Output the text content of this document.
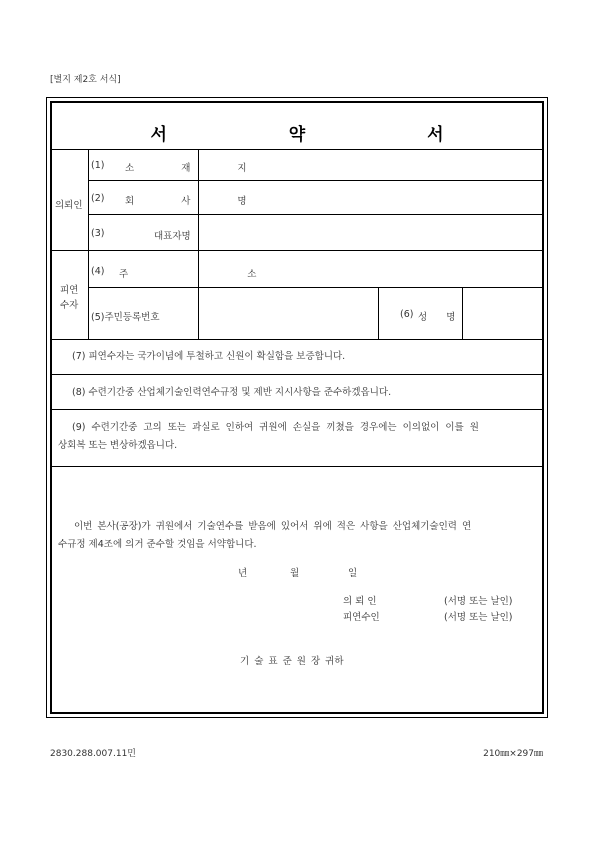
[별지 제2호 서식]
서 약 서
의뢰인
(1) 소 재 지
(2) 회 사 명
(3)	대표자명
피연
수자
(4) 주 소
(5)주민등록번호	(6) 성 명
(7) 피연수자는 국가이념에 투철하고 신원이 확실함을 보증합니다.
(8) 수련기간중 산업체기술인력연수규정 및 제반 지시사항을 준수하겠읍니다.
(9) 수련기간중 고의 또는 과실로 인하여 귀원에 손실을 끼쳤을 경우에는 이의없이 이를 원
상회복 또는 변상하겠읍니다.
이번 본사(공장)가 귀원에서 기술연수를 받음에 있어서 위에 적은 사항을 산업체기술인력 연
수규정 제4조에 의거 준수할 것임을 서약합니다.
년	월	일
의 뢰 인	(서명 또는 날인)
피연수인	(서명 또는 날인)
기 술 표 준 원 장 귀하
2830.288.007.11민	210㎜×297㎜
